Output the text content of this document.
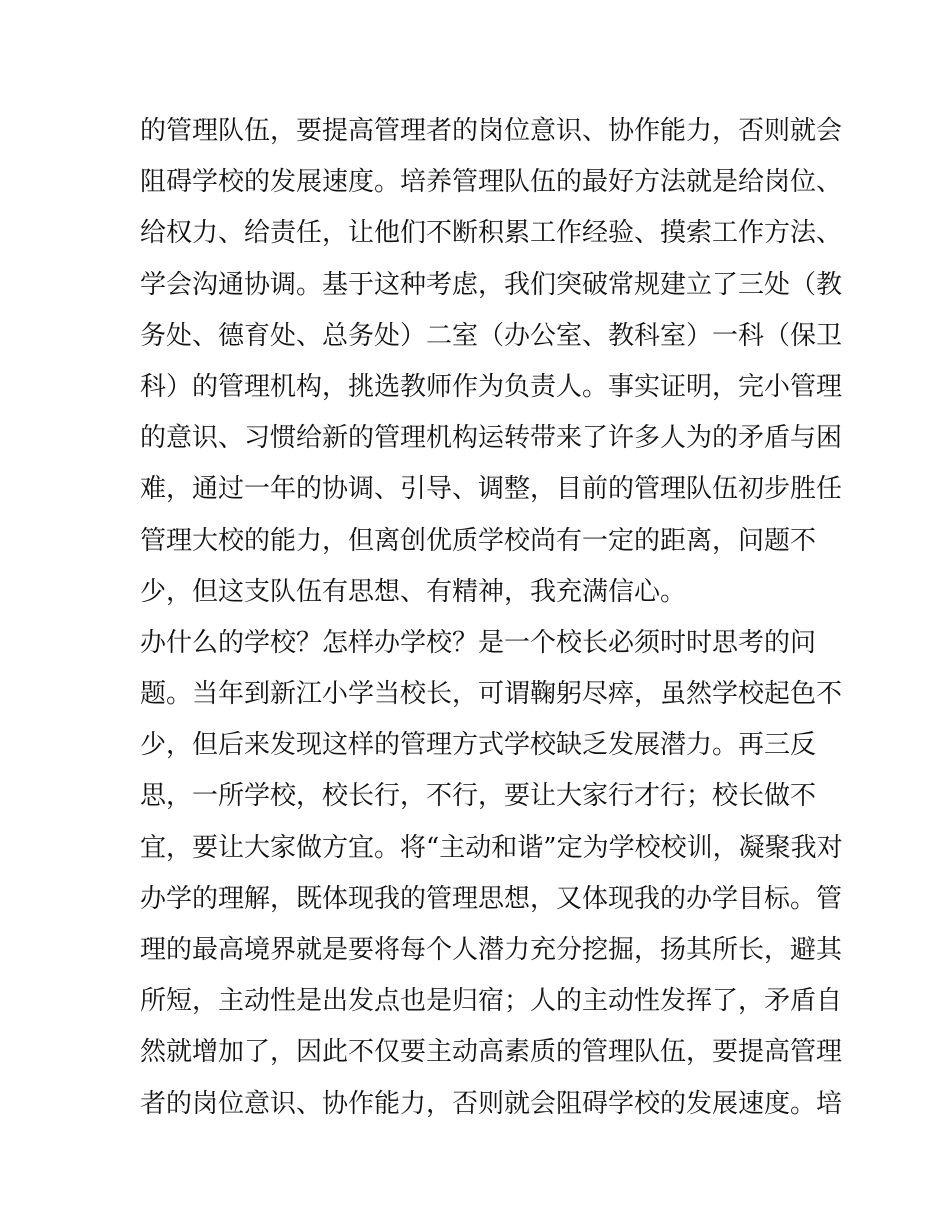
的管理队伍，要提高管理者的岗位意识、协作能力，否则就会
阻碍学校的发展速度。培养管理队伍的最好方法就是给岗位、
给权力、给责任，让他们不断积累工作经验、摸索工作方法、
学会沟通协调。基于这种考虑，我们突破常规建立了三处（教
务处、德育处、总务处）二室（办公室、教科室）一科（保卫
科）的管理机构，挑选教师作为负责人。事实证明，完小管理
的意识、习惯给新的管理机构运转带来了许多人为的矛盾与困
难，通过一年的协调、引导、调整，目前的管理队伍初步胜任
管理大校的能力，但离创优质学校尚有一定的距离，问题不
少，但这支队伍有思想、有精神，我充满信心。
办什么的学校？怎样办学校？是一个校长必须时时思考的问
题。当年到新江小学当校长，可谓鞠躬尽瘁，虽然学校起色不
少，但后来发现这样的管理方式学校缺乏发展潜力。再三反
思，一所学校，校长行，不行，要让大家行才行；校长做不
宜，要让大家做方宜。将“主动和谐”定为学校校训，凝聚我对
办学的理解，既体现我的管理思想，又体现我的办学目标。管
理的最高境界就是要将每个人潜力充分挖掘，扬其所长，避其
所短，主动性是出发点也是归宿；人的主动性发挥了，矛盾自
然就增加了，因此不仅要主动高素质的管理队伍，要提高管理
者的岗位意识、协作能力，否则就会阻碍学校的发展速度。培
